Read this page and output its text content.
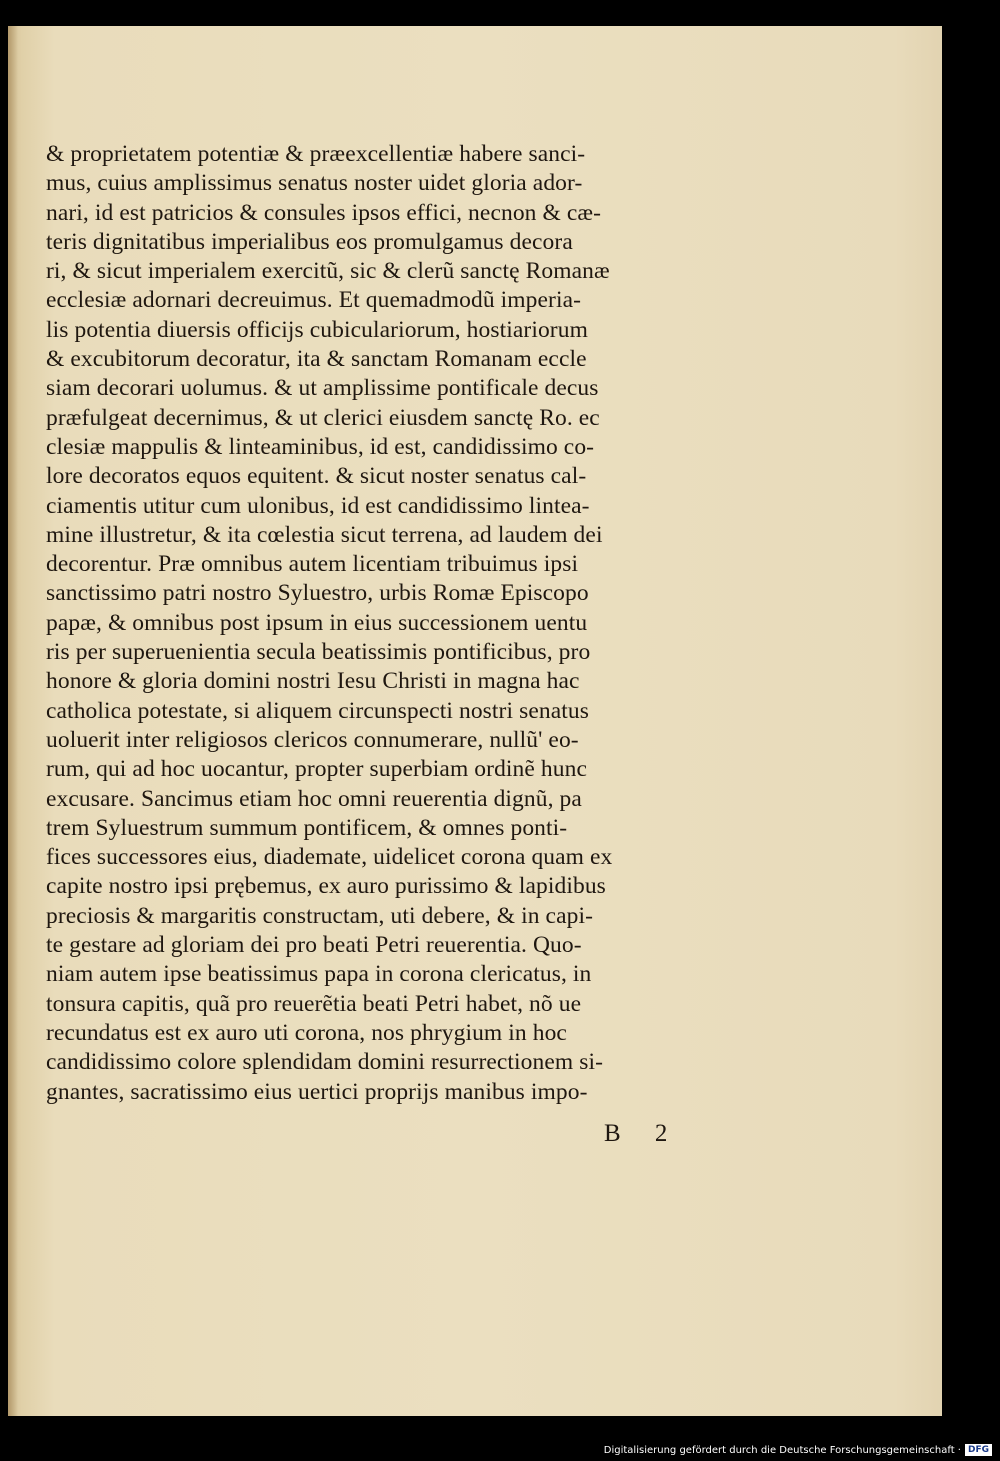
& proprietatem potentiæ & præexcellentiæ habere sanci-
mus, cuius amplissimus senatus noster uidet gloria ador-
nari, id est patricios & consules ipsos effici, necnon & cæ-
teris dignitatibus imperialibus eos promulgamus decora
ri, & sicut imperialem exercitũ, sic & clerũ sanctę Romanæ
ecclesiæ adornari decreuimus. Et quemadmodũ imperia-
lis potentia diuersis officijs cubiculariorum, hostiariorum
& excubitorum decoratur, ita & sanctam Romanam eccle
siam decorari uolumus. & ut amplissime pontificale decus
præfulgeat decernimus, & ut clerici eiusdem sanctę Ro. ec
clesiæ mappulis & linteaminibus, id est, candidissimo co-
lore decoratos equos equitent. & sicut noster senatus cal-
ciamentis utitur cum ulonibus, id est candidissimo lintea-
mine illustretur, & ita cœlestia sicut terrena, ad laudem dei
decorentur. Præ omnibus autem licentiam tribuimus ipsi
sanctissimo patri nostro Syluestro, urbis Romæ Episcopo
papæ, & omnibus post ipsum in eius successionem uentu
ris per superuenientia secula beatissimis pontificibus, pro
honore & gloria domini nostri Iesu Christi in magna hac
catholica potestate, si aliquem circunspecti nostri senatus
uoluerit inter religiosos clericos connumerare, nullũ' eo-
rum, qui ad hoc uocantur, propter superbiam ordinẽ hunc
excusare. Sancimus etiam hoc omni reuerentia dignũ, pa
trem Syluestrum summum pontificem, & omnes ponti-
fices successores eius, diademate, uidelicet corona quam ex
capite nostro ipsi prębemus, ex auro purissimo & lapidibus
preciosis & margaritis constructam, uti debere, & in capi-
te gestare ad gloriam dei pro beati Petri reuerentia. Quo-
niam autem ipse beatissimus papa in corona clericatus, in
tonsura capitis, quã pro reuerẽtia beati Petri habet, nõ ue
recundatus est ex auro uti corona, nos phrygium in hoc
candidissimo colore splendidam domini resurrectionem si-
gnantes, sacratissimo eius uertici proprijs manibus impo-
B 2
Digitalisierung gefördert durch die Deutsche Forschungsgemeinschaft · DFG
